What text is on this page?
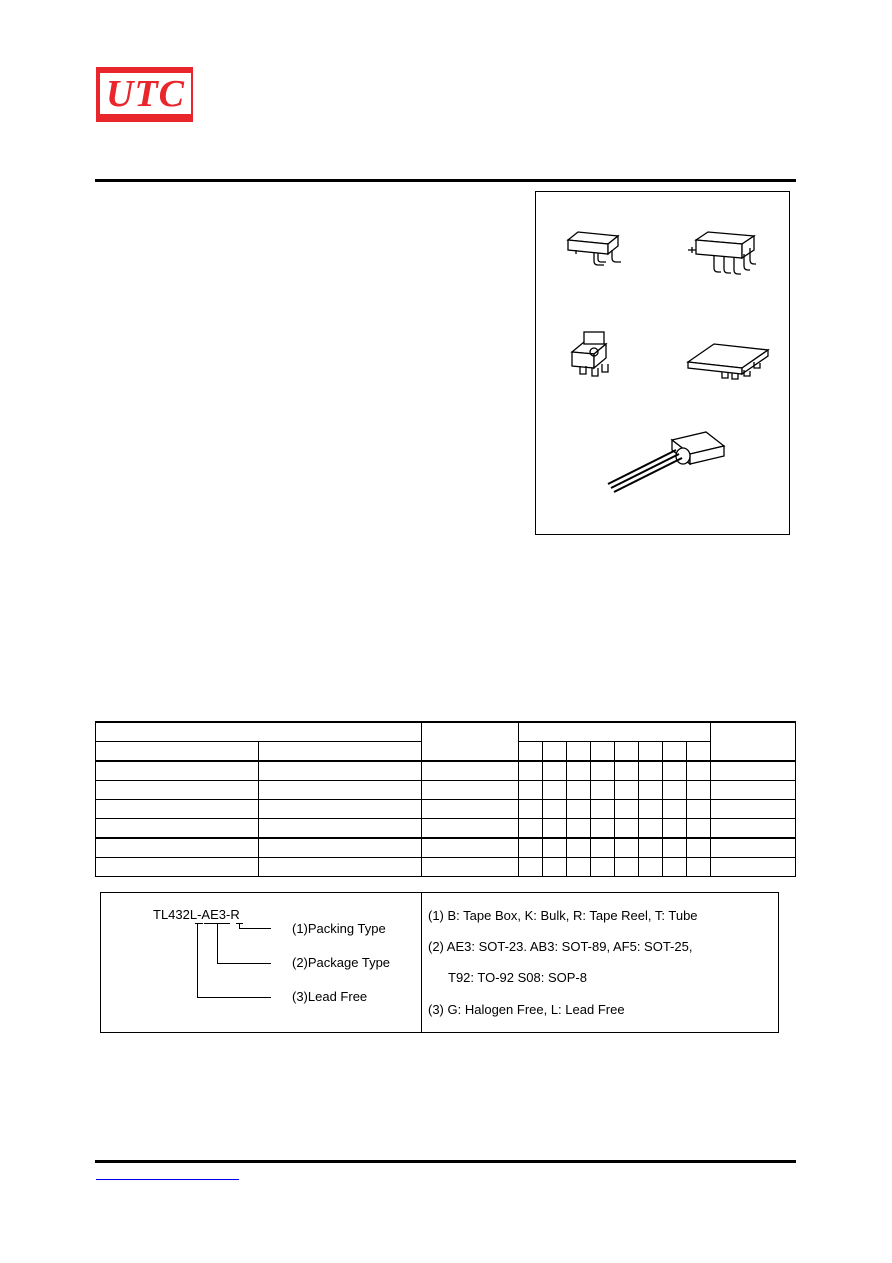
UTC

TL432L-AE3-R
(1)Packing Type
(2)Package Type
(3)Lead Free
(1) B: Tape Box, K: Bulk, R: Tape Reel, T: Tube
(2) AE3: SOT-23. AB3: SOT-89, AF5: SOT-25,
T92: TO-92 S08: SOP-8
(3) G: Halogen Free, L: Lead Free
